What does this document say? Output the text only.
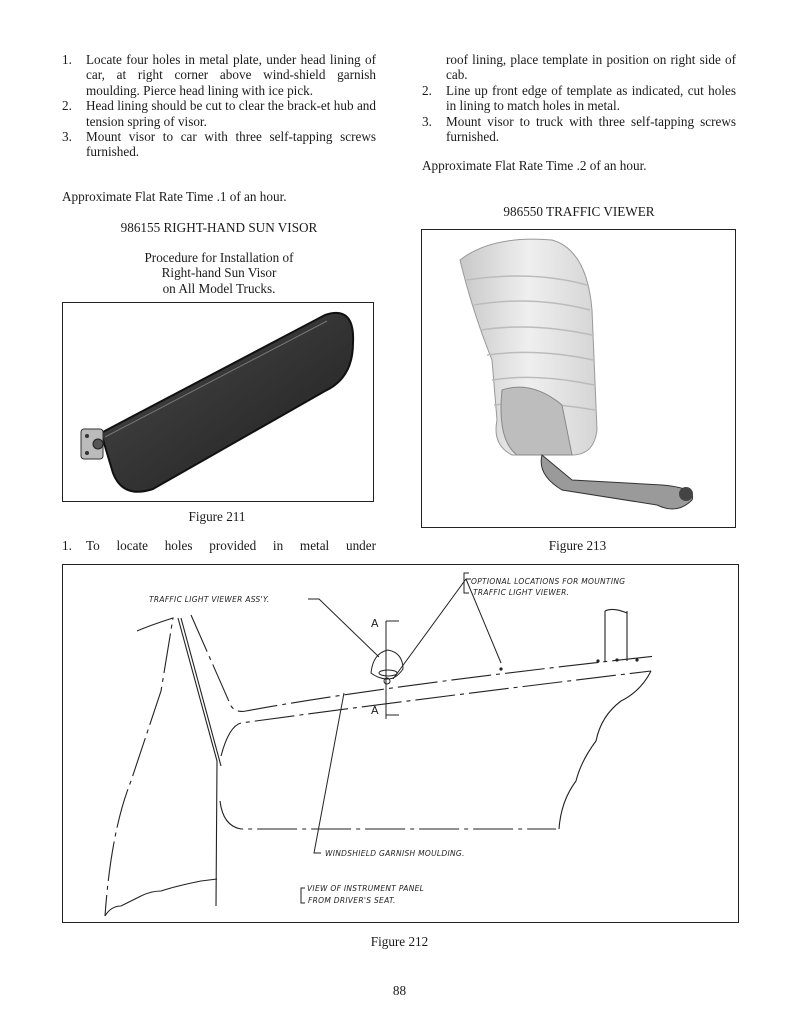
1.	Locate four holes in metal plate, under head lining of car, at right corner above wind-shield garnish moulding. Pierce head lining with ice pick.
2.	Head lining should be cut to clear the brack-et hub and tension spring of visor.
3.	Mount visor to car with three self-tapping screws furnished.
Approximate Flat Rate Time .1 of an hour.
986155 RIGHT-HAND SUN VISOR
Procedure for Installation of
Right-hand Sun Visor
on All Model Trucks.
Figure 211
1.	To locate holes provided in metal under
roof lining, place template in position on right side of cab.
2.	Line up front edge of template as indicated, cut holes in lining to match holes in metal.
3.	Mount visor to truck with three self-tapping screws furnished.
Approximate Flat Rate Time .2 of an hour.
986550 TRAFFIC VIEWER
Figure 213
A
A
TRAFFIC LIGHT VIEWER ASS'Y.
OPTIONAL LOCATIONS FOR MOUNTING
TRAFFIC LIGHT VIEWER.
WINDSHIELD GARNISH MOULDING.
VIEW OF INSTRUMENT PANEL
FROM DRIVER'S SEAT.
Figure 212
88
